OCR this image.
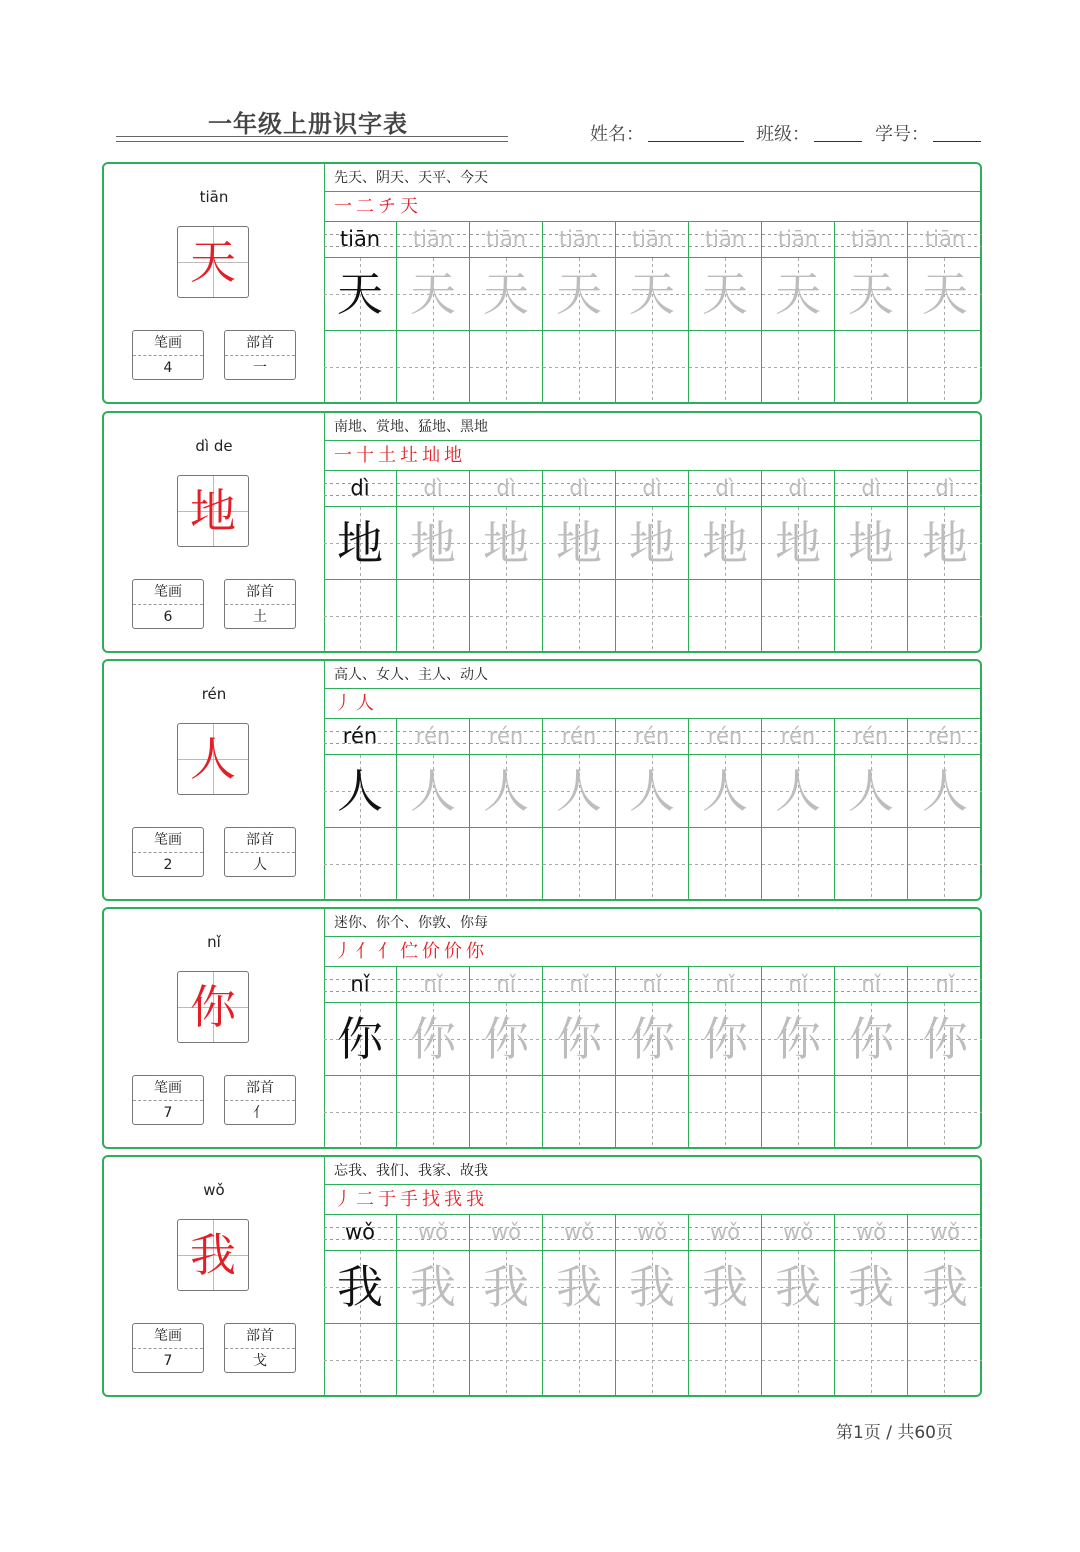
一年级上册识字表	姓名：	班级：	学号：
tiān
天
笔画
4
部首
一
先天、阴天、天平、今天
一二チ天
tiān
天
tiān
天
tiān
天
tiān
天
tiān
天
tiān
天
tiān
天
tiān
天
tiān
天
dì de
地
笔画
6
部首
土
南地、赏地、猛地、黑地
一十土圵圸地
dì
地
dì
地
dì
地
dì
地
dì
地
dì
地
dì
地
dì
地
dì
地
rén
人
笔画
2
部首
人
高人、女人、主人、动人
丿人
rén
人
rén
人
rén
人
rén
人
rén
人
rén
人
rén
人
rén
人
rén
人
nǐ
你
笔画
7
部首
亻
迷你、你个、你敦、你每
丿亻亻伫价价你
nǐ
你
nǐ
你
nǐ
你
nǐ
你
nǐ
你
nǐ
你
nǐ
你
nǐ
你
nǐ
你
wǒ
我
笔画
7
部首
戈
忘我、我们、我家、故我
丿二于手找我我
wǒ
我
wǒ
我
wǒ
我
wǒ
我
wǒ
我
wǒ
我
wǒ
我
wǒ
我
wǒ
我
第1页 / 共60页
